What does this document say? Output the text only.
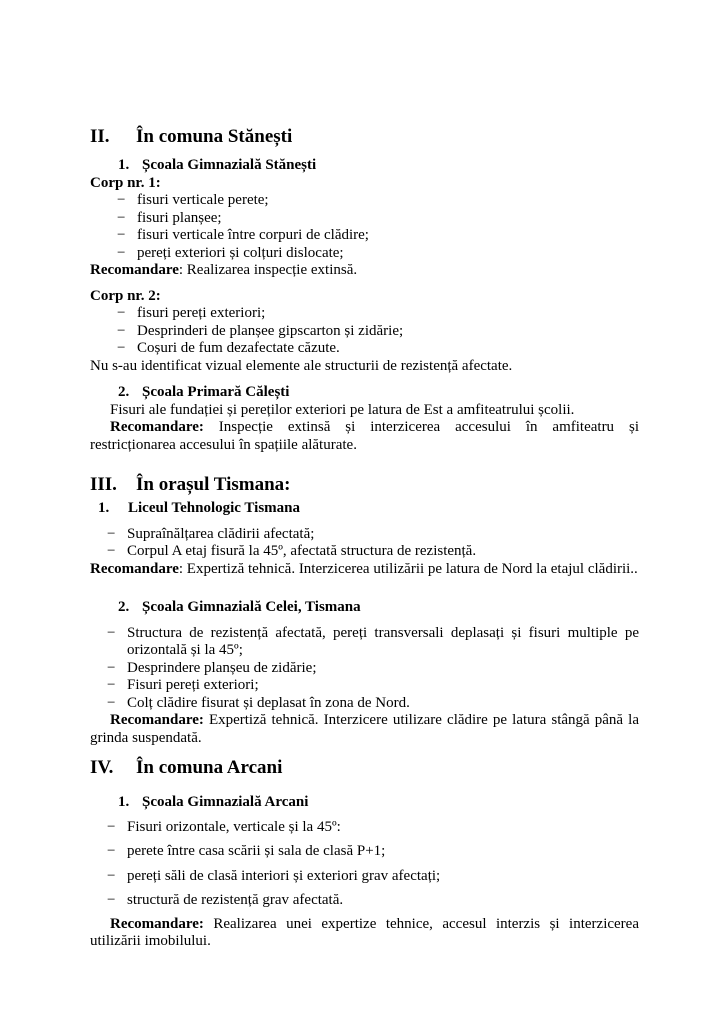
II.	În comuna Stănești
1. Școala Gimnazială Stănești
Corp nr. 1:
− fisuri verticale perete;
− fisuri planșee;
− fisuri verticale între corpuri de clădire;
− pereți exteriori și colțuri dislocate;
Recomandare: Realizarea inspecție extinsă.
Corp nr. 2:
− fisuri pereți exteriori;
− Desprinderi de planșee gipscarton și zidărie;
− Coșuri de fum dezafectate căzute.
Nu s-au identificat vizual elemente ale structurii de rezistență afectate.
2. Școala Primară Călești
Fisuri ale fundației și pereților exteriori pe latura de Est a amfiteatrului școlii.
Recomandare: Inspecție extinsă și interzicerea accesului în amfiteatru și restricționarea accesului în spațiile alăturate.
III.	În orașul Tismana:
1.	Liceul Tehnologic Tismana
− Supraînălțarea clădirii afectată;
− Corpul A etaj fisură la 45º, afectată structura de rezistență.
Recomandare: Expertiză tehnică. Interzicerea utilizării pe latura de Nord la etajul clădirii..
2. Școala Gimnazială Celei, Tismana
− Structura de rezistență afectată, pereți transversali deplasați și fisuri multiple pe orizontală și la 45º;
− Desprindere planșeu de zidărie;
− Fisuri pereți exteriori;
− Colț clădire fisurat și deplasat în zona de Nord.
Recomandare: Expertiză tehnică. Interzicere utilizare clădire pe latura stângă până la grinda suspendată.
IV.	În comuna Arcani
1. Școala Gimnazială Arcani
− Fisuri orizontale, verticale și la 45º:
− perete între casa scării și sala de clasă P+1;
− pereți săli de clasă interiori și exteriori grav afectați;
− structură de rezistență grav afectată.
Recomandare: Realizarea unei expertize tehnice, accesul interzis și interzicerea utilizării imobilului.
